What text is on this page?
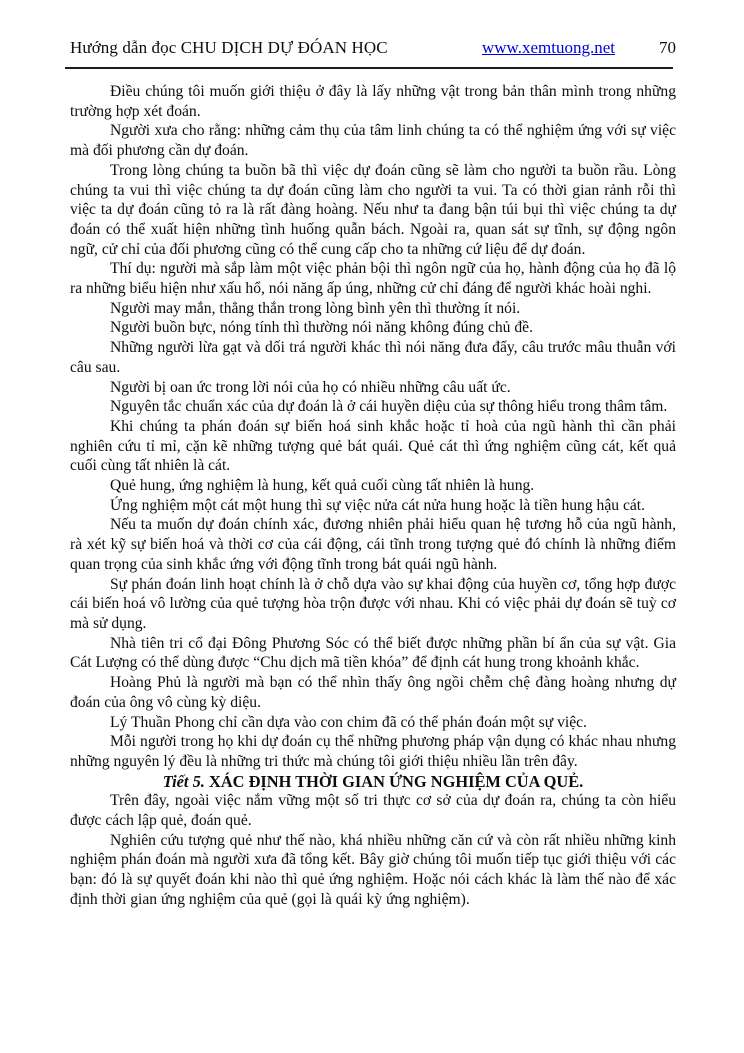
Hướng dẫn đọc CHU DỊCH DỰ ĐÓAN HỌC	www.xemtuong.net	70

Điều chúng tôi muốn giới thiệu ở đây là lấy những vật trong bản thân mình trong những trường hợp xét đoán.

Người xưa cho rằng: những cảm thụ của tâm linh chúng ta có thể nghiệm ứng với sự việc mà đối phương cần dự đoán.

Trong lòng chúng ta buồn bã thì việc dự đoán cũng sẽ làm cho người ta buồn rầu. Lòng chúng ta vui thì việc chúng ta dự đoán cũng làm cho người ta vui. Ta có thời gian rảnh rỗi thì việc ta dự đoán cũng tỏ ra là rất đàng hoàng. Nếu như ta đang bận túi bụi thì việc chúng ta dự đoán có thể xuất hiện những tình huống quẫn bách. Ngoài ra, quan sát sự tĩnh, sự động ngôn ngữ, cử chỉ của đối phương cũng có thể cung cấp cho ta những cứ liệu để dự đoán.

Thí dụ: người mà sắp làm một việc phản bội thì ngôn ngữ của họ, hành động của họ đã lộ ra những biểu hiện như xấu hổ, nói năng ấp úng, những cử chỉ đáng để người khác hoài nghi.

Người may mắn, thẳng thắn trong lòng bình yên thì thường ít nói.

Người buồn bực, nóng tính thì thường nói năng không đúng chủ đề.

Những người lừa gạt và dối trá người khác thì nói năng đưa đẩy, câu trước mâu thuẫn với câu sau.

Người bị oan ức trong lời nói của họ có nhiều những câu uất ức.

Nguyên tắc chuẩn xác của dự đoán là ở cái huyền diệu của sự thông hiểu trong thâm tâm.

Khi chúng ta phán đoán sự biến hoá sinh khắc hoặc tỉ hoà của ngũ hành thì cần phải nghiên cứu tỉ mỉ, cặn kẽ những tượng quẻ bát quái. Quẻ cát thì ứng nghiệm cũng cát, kết quả cuối cùng tất nhiên là cát.

Quẻ hung, ứng nghiệm là hung, kết quả cuối cùng tất nhiên là hung.

Ứng nghiệm một cát một hung thì sự việc nửa cát nửa hung hoặc là tiền hung hậu cát.

Nếu ta muốn dự đoán chính xác, đương nhiên phải hiểu quan hệ tương hỗ của ngũ hành, rà xét kỹ sự biến hoá và thời cơ của cái động, cái tĩnh trong tượng quẻ đó chính là những điểm quan trọng của sinh khắc ứng với động tĩnh trong bát quái ngũ hành.

Sự phán đoán linh hoạt chính là ở chỗ dựa vào sự khai động của huyền cơ, tổng hợp được cái biến hoá vô lường của quẻ tượng hòa trộn được với nhau. Khi có việc phải dự đoán sẽ tuỳ cơ mà sử dụng.

Nhà tiên tri cổ đại Đông Phương Sóc có thể biết được những phần bí ẩn của sự vật. Gia Cát Lượng có thể dùng được “Chu dịch mã tiền khóa” để định cát hung trong khoảnh khắc.

Hoàng Phủ là người mà bạn có thể nhìn thấy ông ngồi chễm chệ đàng hoàng nhưng dự đoán của ông vô cùng kỳ diệu.

Lý Thuần Phong chỉ cần dựa vào con chim đã có thể phán đoán một sự việc.

Mỗi người trong họ khi dự đoán cụ thể những phương pháp vận dụng có khác nhau nhưng những nguyên lý đều là những tri thức mà chúng tôi giới thiệu nhiều lần trên đây.

Tiết 5. XÁC ĐỊNH THỜI GIAN ỨNG NGHIỆM CỦA QUẺ.

Trên đây, ngoài việc nắm vững một số tri thực cơ sở của dự đoán ra, chúng ta còn hiểu được cách lập quẻ, đoán quẻ.

Nghiên cứu tượng quẻ như thế nào, khá nhiều những căn cứ và còn rất nhiều những kinh nghiệm phán đoán mà người xưa đã tổng kết. Bây giờ chúng tôi muốn tiếp tục giới thiệu với các bạn: đó là sự quyết đoán khi nào thì quẻ ứng nghiệm. Hoặc nói cách khác là làm thế nào để xác định thời gian ứng nghiệm của quẻ (gọi là quái kỳ ứng nghiệm).
